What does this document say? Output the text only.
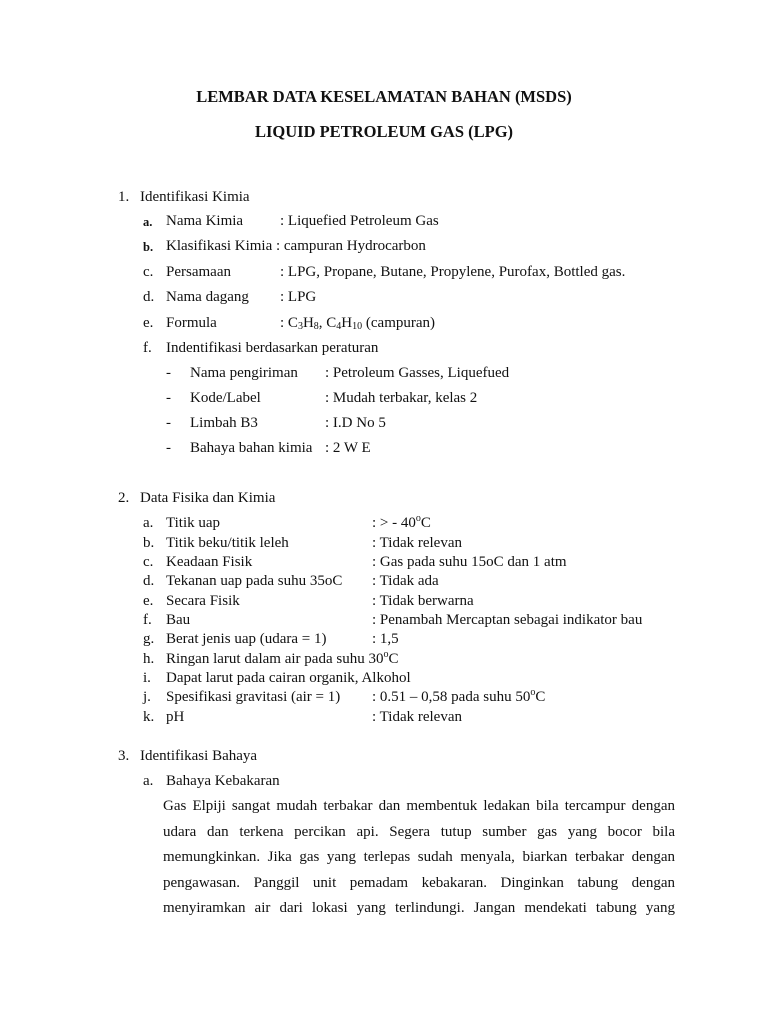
LEMBAR DATA KESELAMATAN BAHAN (MSDS)
LIQUID PETROLEUM GAS (LPG)
1. Identifikasi Kimia
a. Nama Kimia : Liquefied Petroleum Gas
b. Klasifikasi Kimia : campuran Hydrocarbon
c. Persamaan	: LPG, Propane, Butane, Propylene, Purofax, Bottled gas.
d. Nama dagang : LPG
e. Formula	: $C_3H_8$, $C_4H_{10}$ (campuran)
f. Indentifikasi berdasarkan peraturan
- Nama pengiriman : Petroleum Gasses, Liquefued
- Kode/Label	: Mudah terbakar, kelas 2
- Limbah B3	: I.D No 5
- Bahaya bahan kimia : 2 W E
2. Data Fisika dan Kimia
a. Titik uap	: > - 40$^o$C
b. Titik beku/titik leleh	: Tidak relevan
c. Keadaan Fisik	: Gas pada suhu 15oC dan 1 atm
d. Tekanan uap pada suhu 35oC : Tidak ada
e. Secara Fisik	: Tidak berwarna
f. Bau	: Penambah Mercaptan sebagai indikator bau
g. Berat jenis uap (udara = 1)	: 1,5
h. Ringan larut dalam air pada suhu 30$^o$C
i. Dapat larut pada cairan organik, Alkohol
j. Spesifikasi gravitasi (air = 1) : 0.51 – 0,58 pada suhu 50$^o$C
k. pH	: Tidak relevan
3. Identifikasi Bahaya
a. Bahaya Kebakaran
Gas Elpiji sangat mudah terbakar dan membentuk ledakan bila tercampur dengan
udara dan terkena percikan api. Segera tutup sumber gas yang bocor bila
memungkinkan. Jika gas yang terlepas sudah menyala, biarkan terbakar dengan
pengawasan. Panggil unit pemadam kebakaran. Dinginkan tabung dengan
menyiramkan air dari lokasi yang terlindungi. Jangan mendekati tabung yang
